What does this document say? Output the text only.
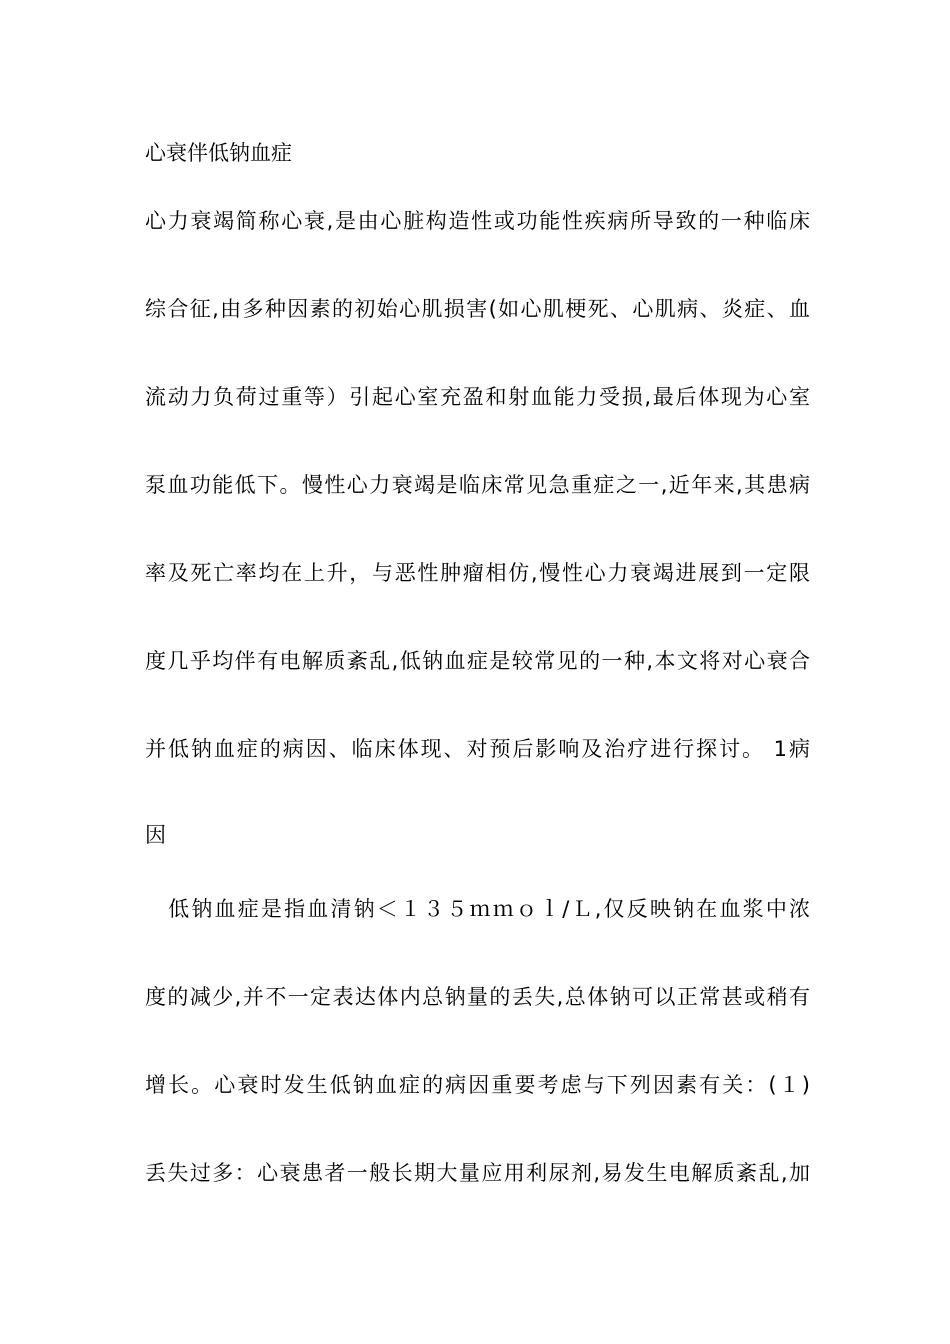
心衰伴低钠血症

心力衰竭简称心衰,是由心脏构造性或功能性疾病所导致的一种临床

综合征,由多种因素的初始心肌损害(如心肌梗死、心肌病、炎症、血

流动力负荷过重等）引起心室充盈和射血能力受损,最后体现为心室

泵血功能低下。慢性心力衰竭是临床常见急重症之一,近年来,其患病

率及死亡率均在上升，与恶性肿瘤相仿,慢性心力衰竭进展到一定限

度几乎均伴有电解质紊乱,低钠血症是较常见的一种,本文将对心衰合

并低钠血症的病因、临床体现、对预后影响及治疗进行探讨。 1病

因

　低钠血症是指血清钠＜１３５ｍｍｏｌ/Ｌ,仅反映钠在血浆中浓

度的减少,并不一定表达体内总钠量的丢失,总体钠可以正常甚或稍有

增长。心衰时发生低钠血症的病因重要考虑与下列因素有关：(１)

丢失过多：心衰患者一般长期大量应用利尿剂,易发生电解质紊乱,加
